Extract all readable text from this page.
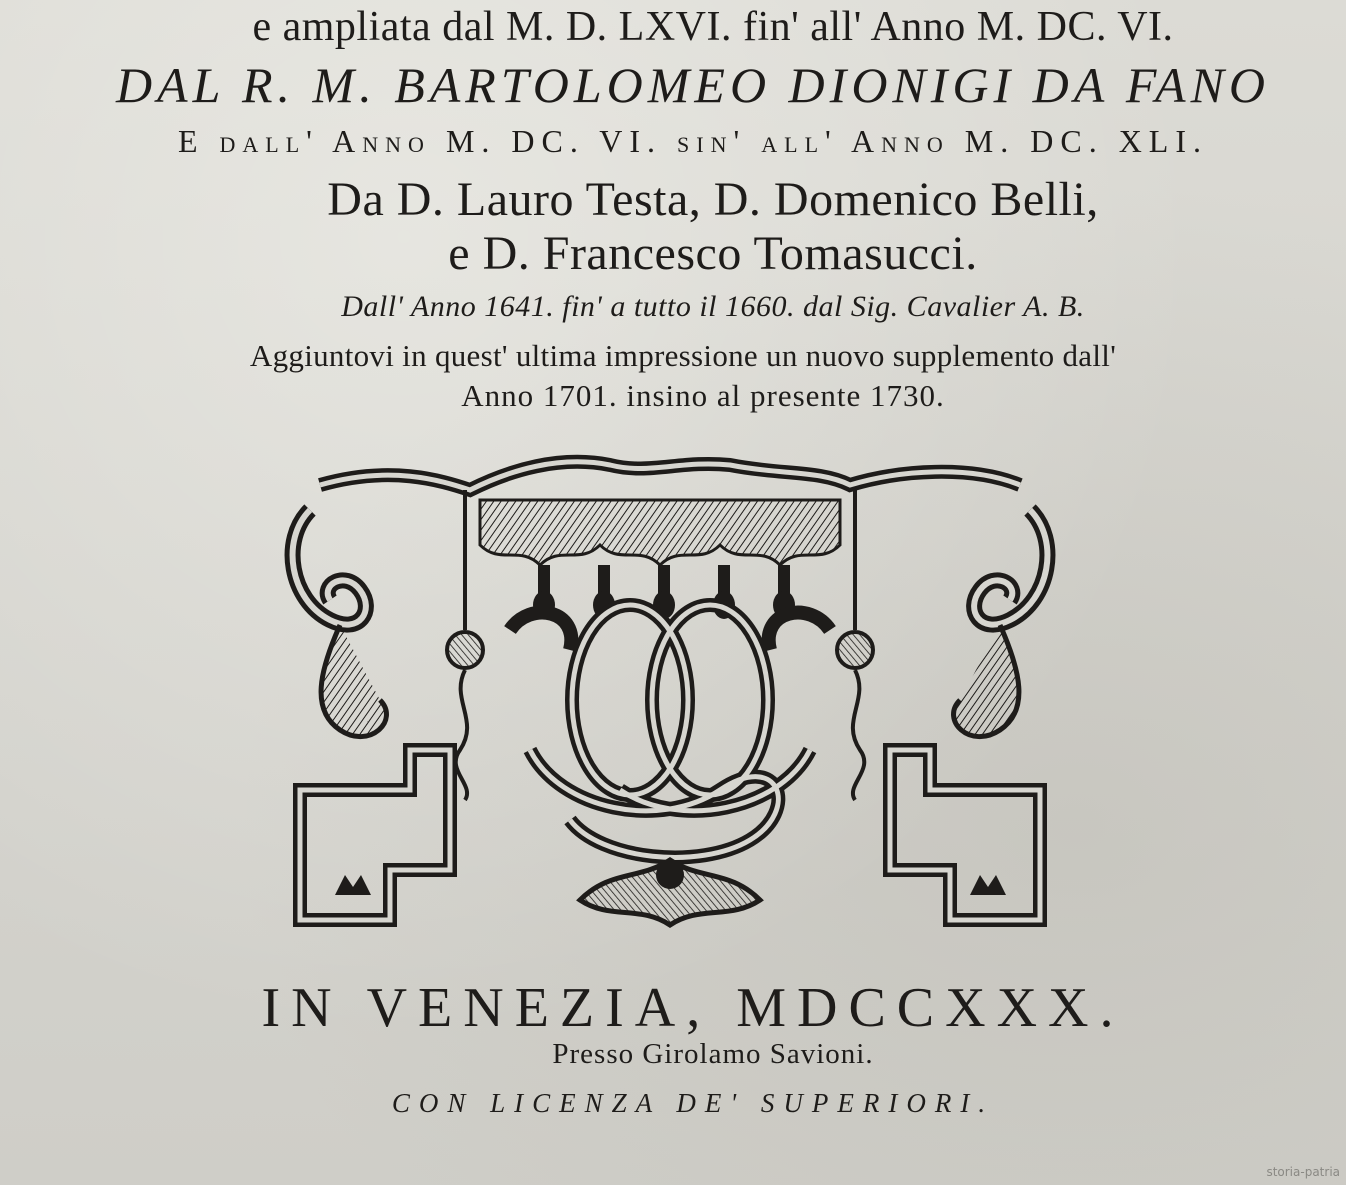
e ampliata dal M. D. LXVI. fin' all' Anno M. DC. VI.
DAL R. M. BARTOLOMEO DIONIGI DA FANO
E dall' Anno M. DC. VI. sin' all' Anno M. DC. XLI.
Da D. Lauro Testa, D. Domenico Belli,
e D. Francesco Tomasucci.
Dall' Anno 1641. fin' a tutto il 1660. dal Sig. Cavalier A. B.
Aggiuntovi in quest' ultima impressione un nuovo supplemento dall'
Anno 1701. insino al presente 1730.
IN VENEZIA, MDCCXXX.
Presso Girolamo Savioni.
CON LICENZA DE' SUPERIORI.
storia-patria
